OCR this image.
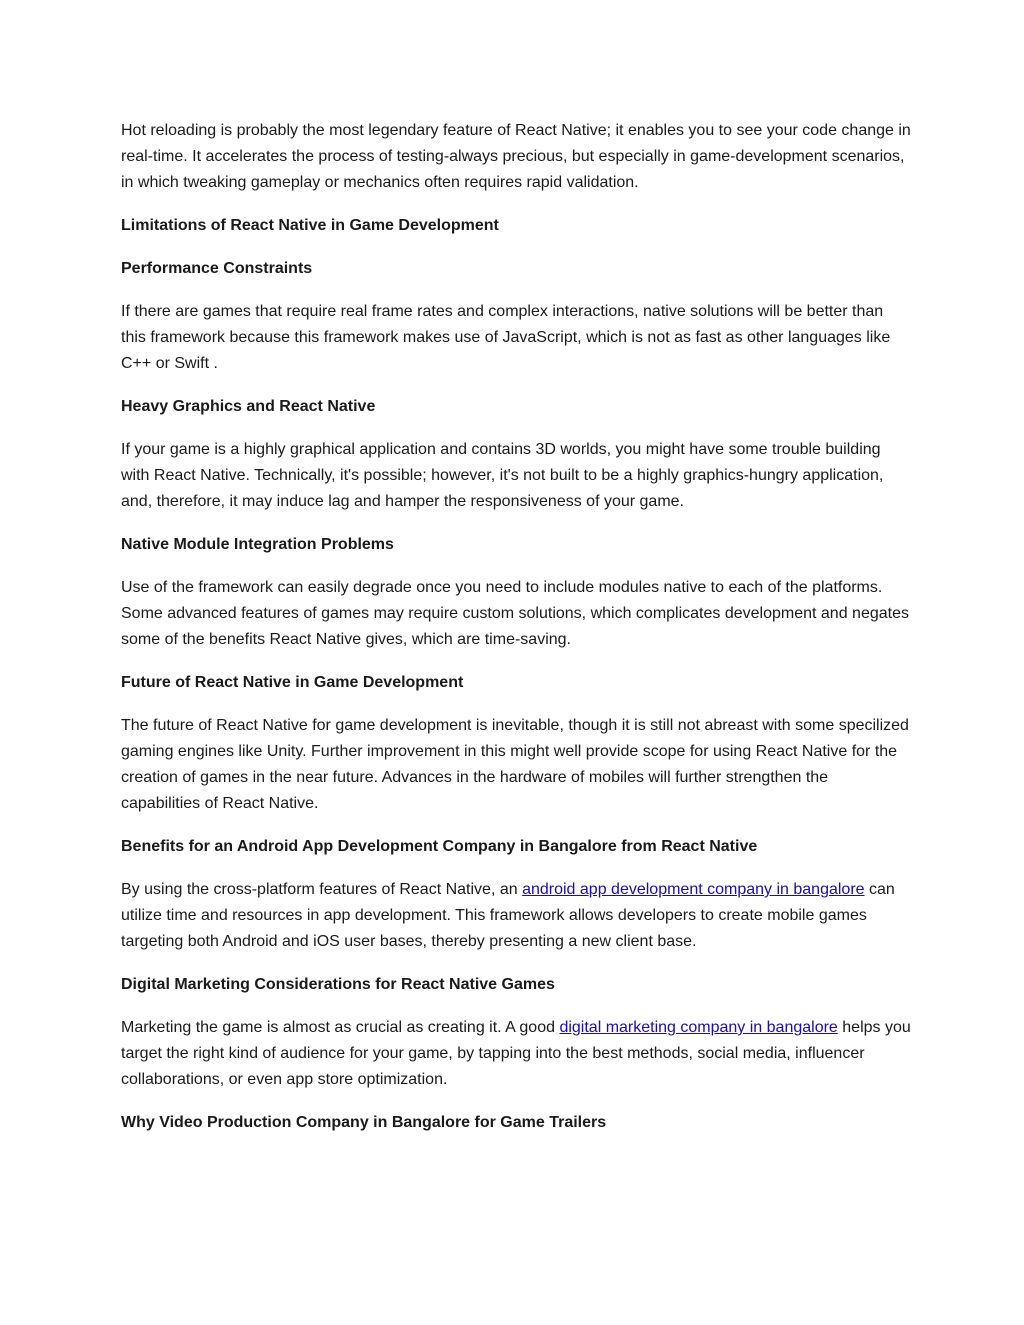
Hot reloading is probably the most legendary feature of React Native; it enables you to see your code change in real-time. It accelerates the process of testing-always precious, but especially in game-development scenarios, in which tweaking gameplay or mechanics often requires rapid validation.

Limitations of React Native in Game Development
Performance Constraints

If there are games that require real frame rates and complex interactions, native solutions will be better than this framework because this framework makes use of JavaScript, which is not as fast as other languages like C++ or Swift .

Heavy Graphics and React Native

If your game is a highly graphical application and contains 3D worlds, you might have some trouble building with React Native. Technically, it's possible; however, it's not built to be a highly graphics-hungry application, and, therefore, it may induce lag and hamper the responsiveness of your game.

Native Module Integration Problems

Use of the framework can easily degrade once you need to include modules native to each of the platforms. Some advanced features of games may require custom solutions, which complicates development and negates some of the benefits React Native gives, which are time-saving.

Future of React Native in Game Development

The future of React Native for game development is inevitable, though it is still not abreast with some specilized gaming engines like Unity. Further improvement in this might well provide scope for using React Native for the creation of games in the near future. Advances in the hardware of mobiles will further strengthen the capabilities of React Native.

Benefits for an Android App Development Company in Bangalore from React Native

By using the cross-platform features of React Native, an android app development company in bangalore can utilize time and resources in app development. This framework allows developers to create mobile games targeting both Android and iOS user bases, thereby presenting a new client base.

Digital Marketing Considerations for React Native Games

Marketing the game is almost as crucial as creating it. A good digital marketing company in bangalore helps you target the right kind of audience for your game, by tapping into the best methods, social media, influencer collaborations, or even app store optimization.

Why Video Production Company in Bangalore for Game Trailers
